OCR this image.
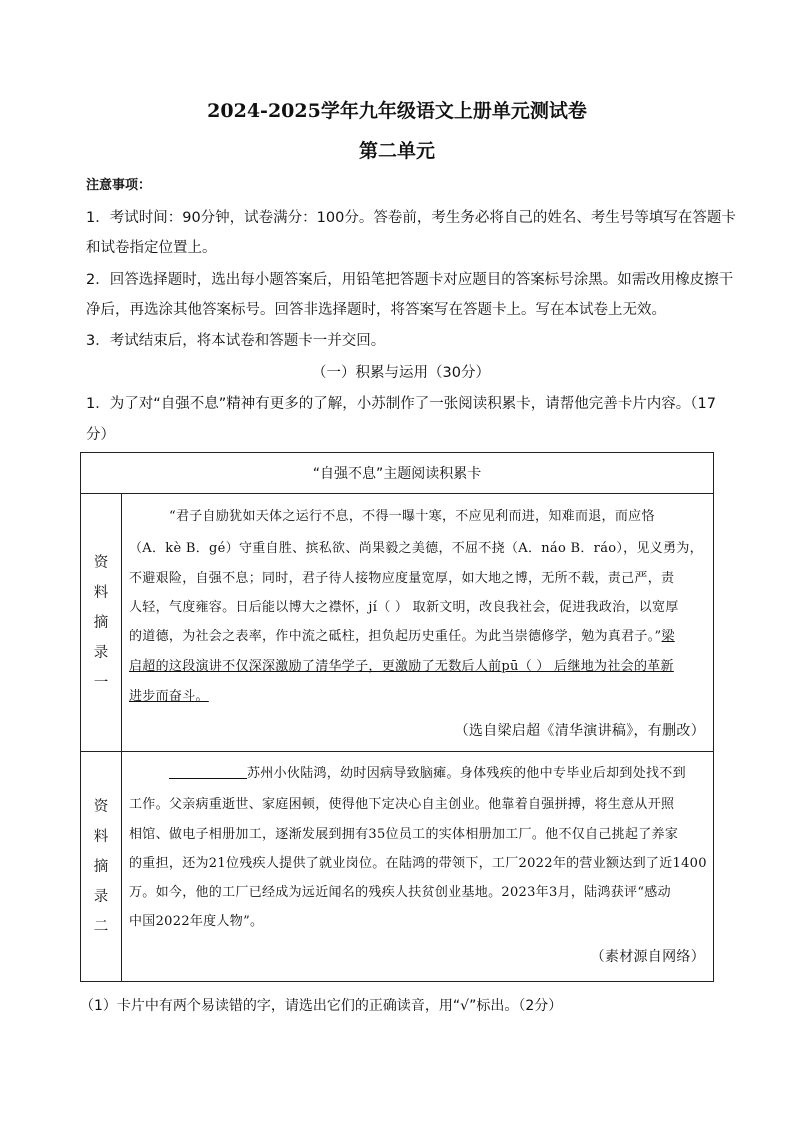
2024-2025学年九年级语文上册单元测试卷
第二单元
注意事项：
1．考试时间：90分钟，试卷满分：100分。答卷前，考生务必将自己的姓名、考生号等填写在答题卡
和试卷指定位置上。
2．回答选择题时，选出每小题答案后，用铅笔把答题卡对应题目的答案标号涂黑。如需改用橡皮擦干
净后，再选涂其他答案标号。回答非选择题时，将答案写在答题卡上。写在本试卷上无效。
3．考试结束后，将本试卷和答题卡一并交回。
（一）积累与运用（30分）
1．为了对“自强不息”精神有更多的了解，小苏制作了一张阅读积累卡，请帮他完善卡片内容。（17
分）
“自强不息”主题阅读积累卡
资
料
摘
录
一
“君子自励犹如天体之运行不息，不得一曝十寒，不应见利而进，知难而退，而应恪
（A．kè B．gé）守重自胜、摈私欲、尚果毅之美德，不屈不挠（A．náo B．ráo），见义勇为，
不避艰险，自强不息；同时，君子待人接物应度量宽厚，如大地之博，无所不载，责己严，责
人轻，气度雍容。日后能以博大之襟怀，jí（ ） 取新文明，改良我社会，促进我政治，以宽厚
的道德，为社会之表率，作中流之砥柱，担负起历史重任。为此当崇德修学，勉为真君子。”梁
启超的这段演讲不仅深深激励了清华学子，更激励了无数后人前pū（ ） 后继地为社会的革新
进步而奋斗。
（选自梁启超《清华演讲稿》，有删改）
资
料
摘
录
二
苏州小伙陆鸿，幼时因病导致脑瘫。身体残疾的他中专毕业后却到处找不到
工作。父亲病重逝世、家庭困顿，使得他下定决心自主创业。他靠着自强拼搏，将生意从开照
相馆、做电子相册加工，逐渐发展到拥有35位员工的实体相册加工厂。他不仅自己挑起了养家
的重担，还为21位残疾人提供了就业岗位。在陆鸿的带领下，工厂2022年的营业额达到了近1400
万。如今，他的工厂已经成为远近闻名的残疾人扶贫创业基地。2023年3月，陆鸿获评“感动
中国2022年度人物”。
（素材源自网络）
（1）卡片中有两个易读错的字，请选出它们的正确读音，用“√”标出。（2分）
